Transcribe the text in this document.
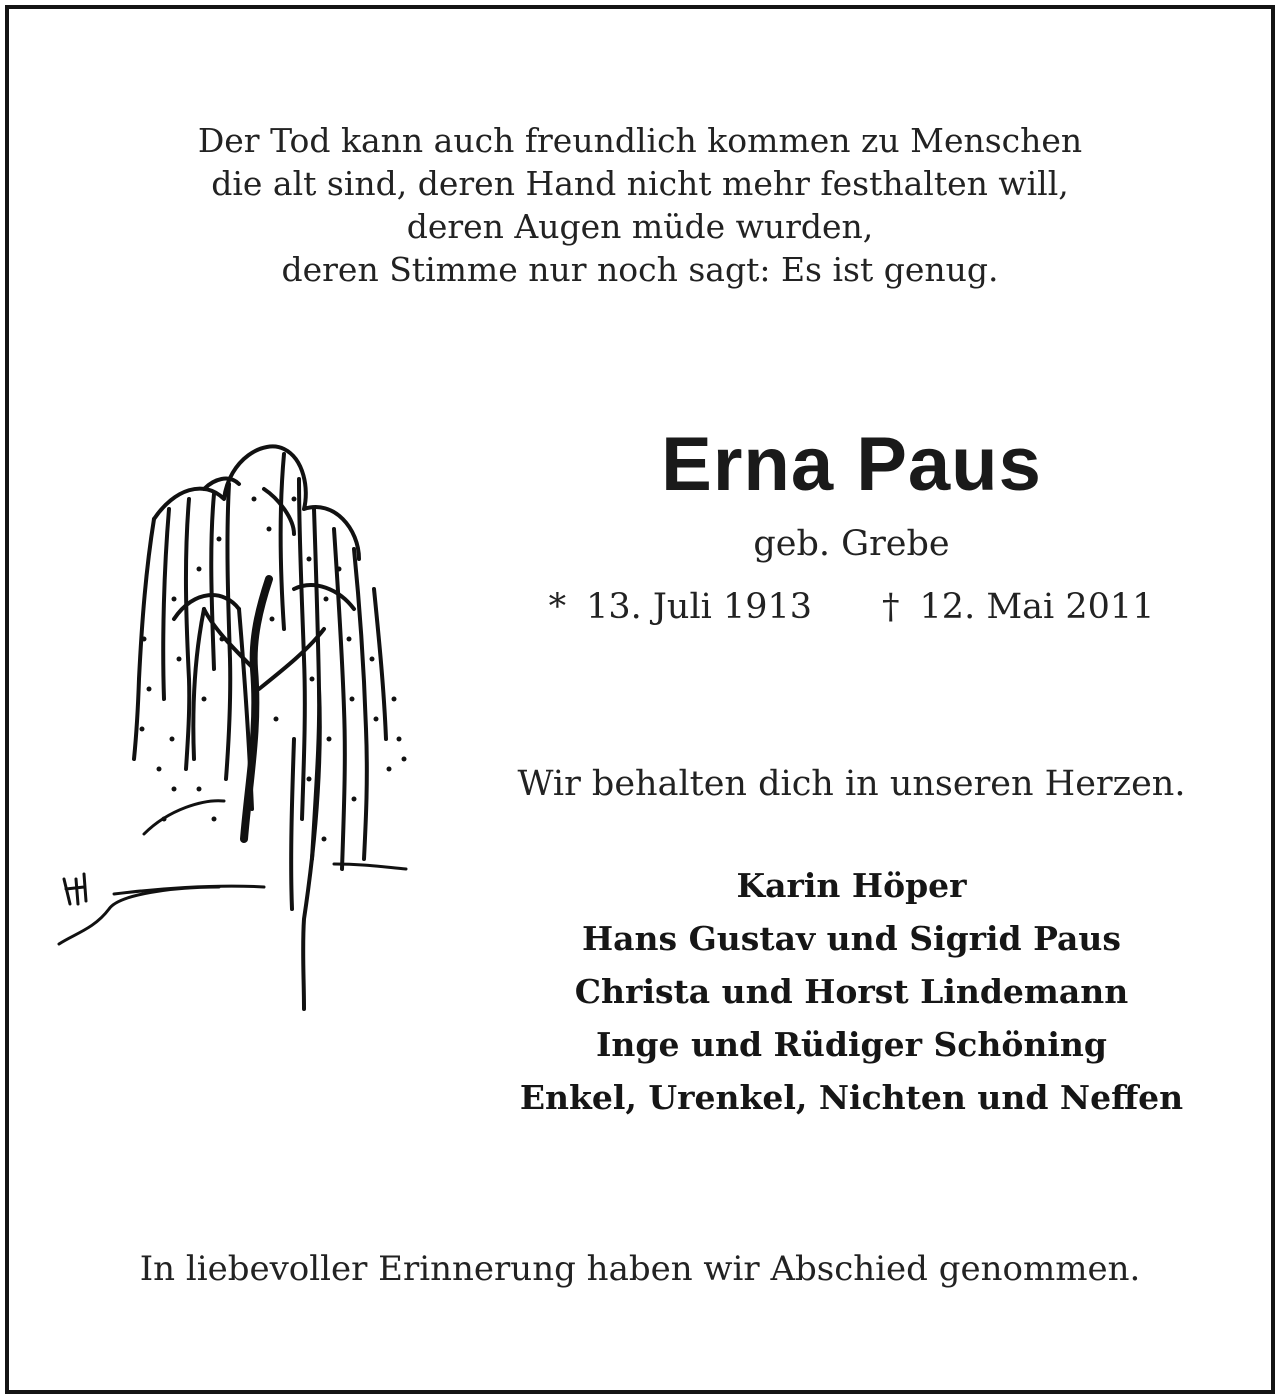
Der Tod kann auch freundlich kommen zu Menschen
die alt sind, deren Hand nicht mehr festhalten will,
deren Augen müde wurden,
deren Stimme nur noch sagt: Es ist genug.
Erna Paus
geb. Grebe
* 13. Juli 1913 † 12. Mai 2011
Wir behalten dich in unseren Herzen.
Karin Höper
Hans Gustav und Sigrid Paus
Christa und Horst Lindemann
Inge und Rüdiger Schöning
Enkel, Urenkel, Nichten und Neffen
In liebevoller Erinnerung haben wir Abschied genommen.
